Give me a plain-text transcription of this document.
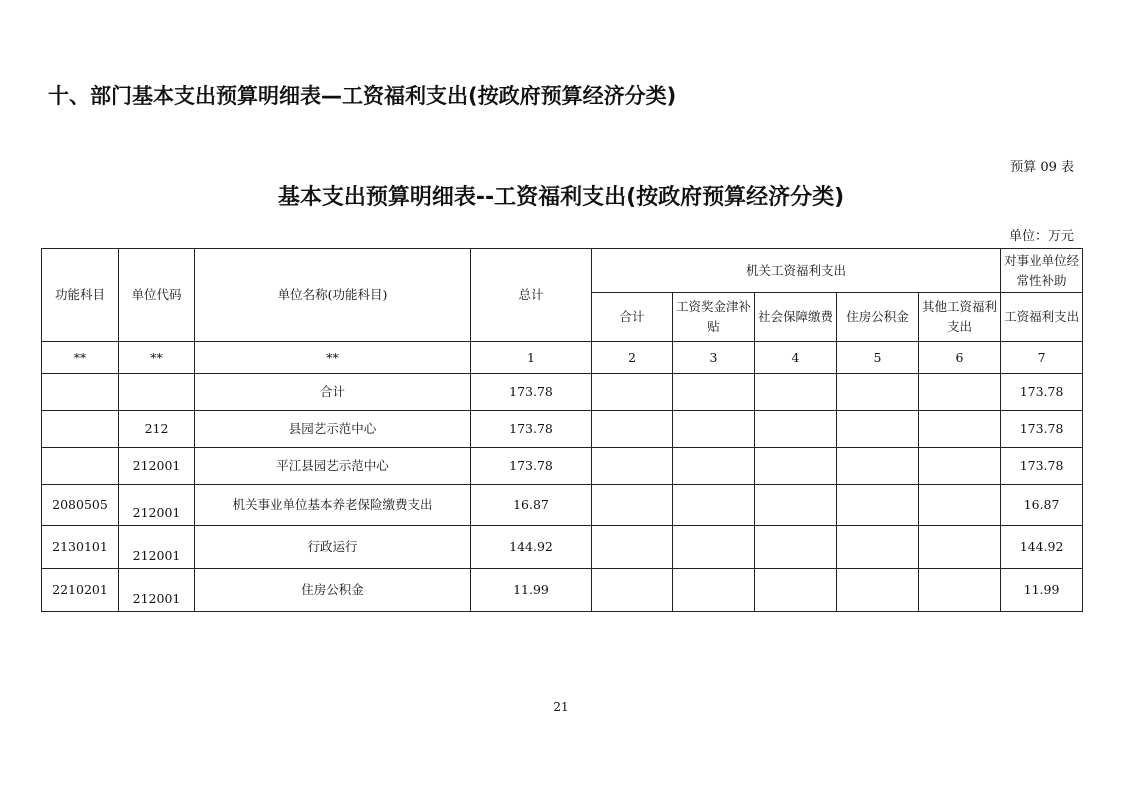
十、部门基本支出预算明细表—工资福利支出(按政府预算经济分类)
预算 09 表
基本支出预算明细表--工资福利支出(按政府预算经济分类)
单位：万元
功能科目	单位代码	单位名称(功能科目)	总计	机关工资福利支出					对事业单位经常性补助
				合计	工资奖金津补贴	社会保障缴费	住房公积金	其他工资福利支出	工资福利支出
**	**	**	1	2	3	4	5	6	7
		合计	173.78						173.78
	212	县园艺示范中心	173.78						173.78
	212001	平江县园艺示范中心	173.78						173.78
2080505	212001	机关事业单位基本养老保险缴费支出	16.87						16.87
2130101	212001	行政运行	144.92						144.92
2210201	212001	住房公积金	11.99						11.99
21
